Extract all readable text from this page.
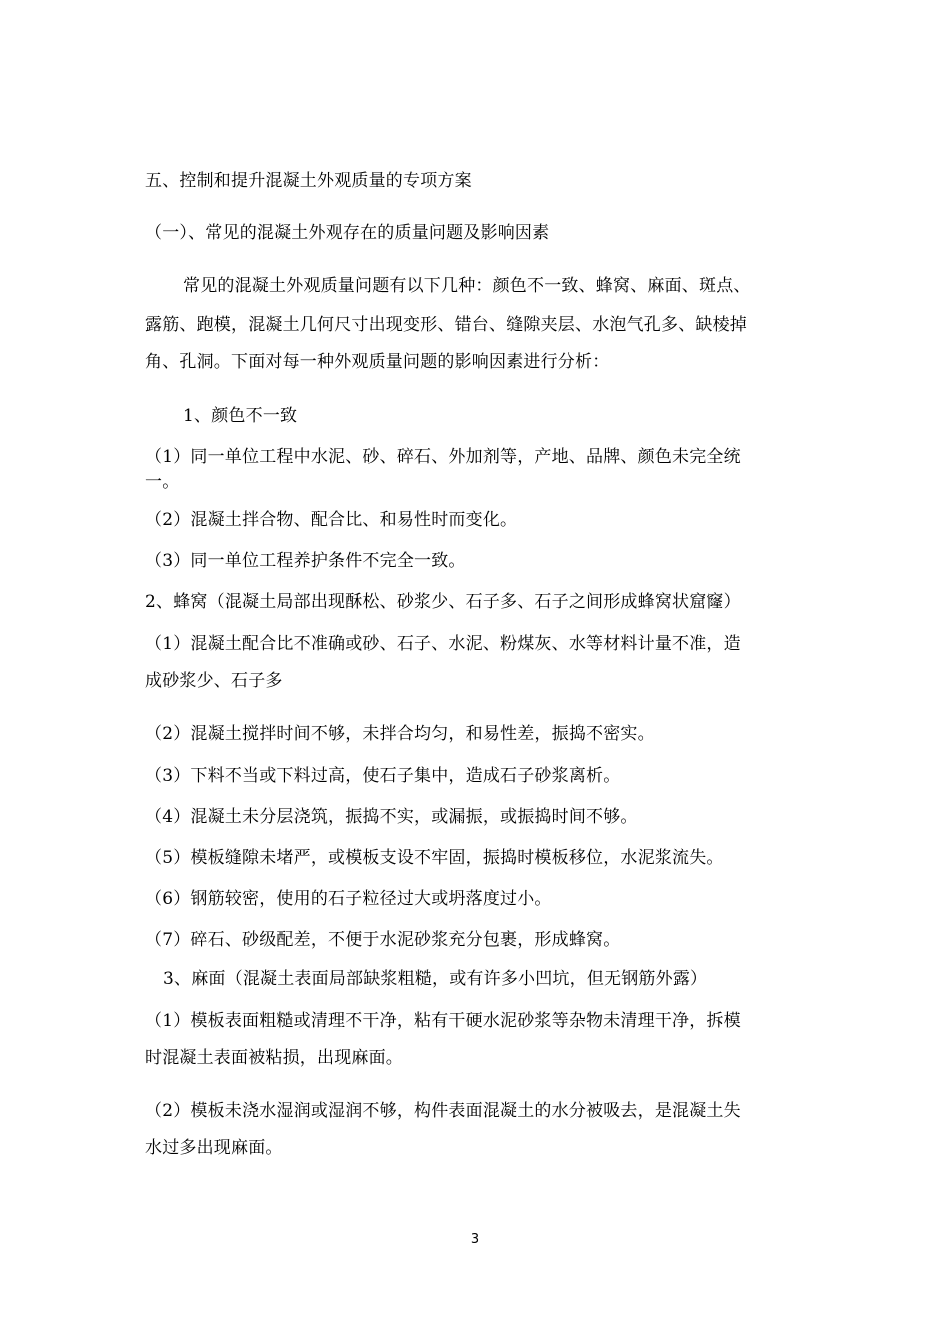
五、控制和提升混凝土外观质量的专项方案
（一）、常见的混凝土外观存在的质量问题及影响因素
常见的混凝土外观质量问题有以下几种：颜色不一致、蜂窝、麻面、斑点、
露筋、跑模，混凝土几何尺寸出现变形、错台、缝隙夹层、水泡气孔多、缺棱掉
角、孔洞。下面对每一种外观质量问题的影响因素进行分析：
1、颜色不一致
（1）同一单位工程中水泥、砂、碎石、外加剂等，产地、品牌、颜色未完全统
一。
（2）混凝土拌合物、配合比、和易性时而变化。
（3）同一单位工程养护条件不完全一致。
2、蜂窝（混凝土局部出现酥松、砂浆少、石子多、石子之间形成蜂窝状窟窿）
（1）混凝土配合比不准确或砂、石子、水泥、粉煤灰、水等材料计量不准，造
成砂浆少、石子多
（2）混凝土搅拌时间不够，未拌合均匀，和易性差，振捣不密实。
（3）下料不当或下料过高，使石子集中，造成石子砂浆离析。
（4）混凝土未分层浇筑，振捣不实，或漏振，或振捣时间不够。
（5）模板缝隙未堵严，或模板支设不牢固，振捣时模板移位，水泥浆流失。
（6）钢筋较密，使用的石子粒径过大或坍落度过小。
（7）碎石、砂级配差，不便于水泥砂浆充分包裹，形成蜂窝。
3、麻面（混凝土表面局部缺浆粗糙，或有许多小凹坑，但无钢筋外露）
（1）模板表面粗糙或清理不干净，粘有干硬水泥砂浆等杂物未清理干净，拆模
时混凝土表面被粘损，出现麻面。
（2）模板未浇水湿润或湿润不够，构件表面混凝土的水分被吸去，是混凝土失
水过多出现麻面。
3
